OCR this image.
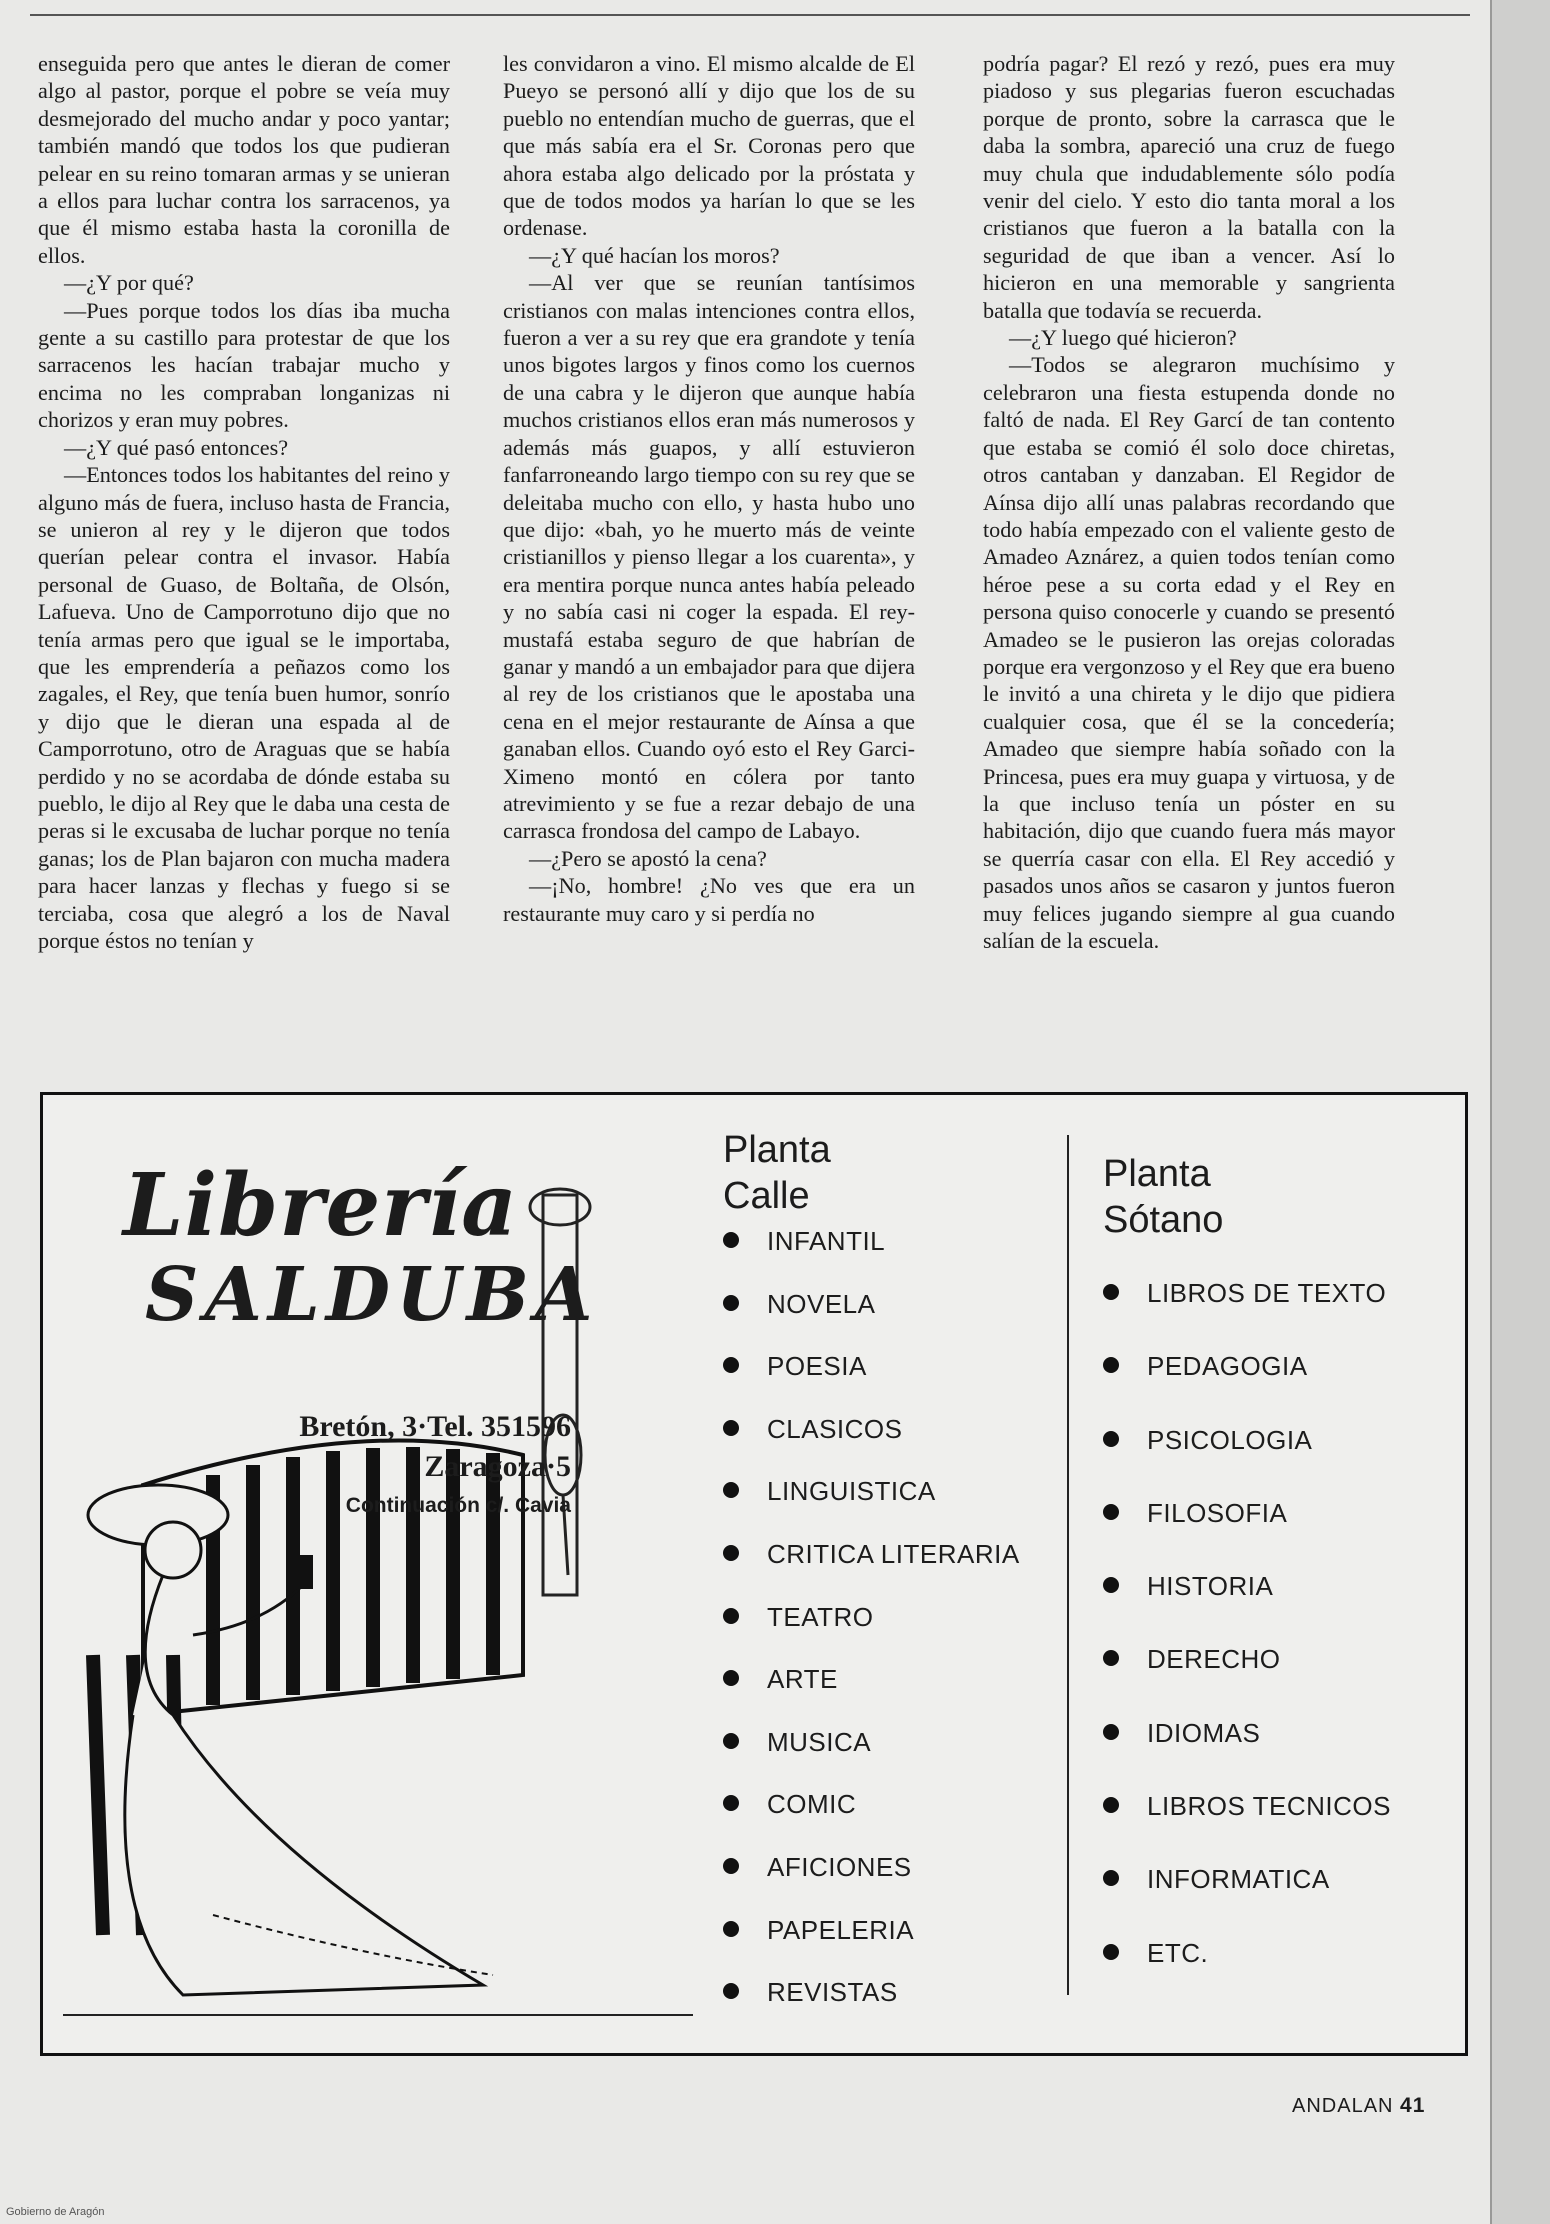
enseguida pero que antes le dieran de comer algo al pastor, porque el pobre se veía muy desmejorado del mucho andar y poco yantar; también mandó que todos los que pudieran pelear en su reino tomaran armas y se unieran a ellos para luchar contra los sarracenos, ya que él mismo estaba hasta la coronilla de ellos.

—¿Y por qué?

—Pues porque todos los días iba mucha gente a su castillo para protestar de que los sarracenos les hacían trabajar mucho y encima no les compraban longanizas ni chorizos y eran muy pobres.

—¿Y qué pasó entonces?

—Entonces todos los habitantes del reino y alguno más de fuera, incluso hasta de Francia, se unieron al rey y le dijeron que todos querían pelear contra el invasor. Había personal de Guaso, de Boltaña, de Olsón, Lafueva. Uno de Camporrotuno dijo que no tenía armas pero que igual se le importaba, que les emprendería a peñazos como los zagales, el Rey, que tenía buen humor, sonrío y dijo que le dieran una espada al de Camporrotuno, otro de Araguas que se había perdido y no se acordaba de dónde estaba su pueblo, le dijo al Rey que le daba una cesta de peras si le excusaba de luchar porque no tenía ganas; los de Plan bajaron con mucha madera para hacer lanzas y flechas y fuego si se terciaba, cosa que alegró a los de Naval porque éstos no tenían y

les convidaron a vino. El mismo alcalde de El Pueyo se personó allí y dijo que los de su pueblo no entendían mucho de guerras, que el que más sabía era el Sr. Coronas pero que ahora estaba algo delicado por la próstata y que de todos modos ya harían lo que se les ordenase.

—¿Y qué hacían los moros?

—Al ver que se reunían tantísimos cristianos con malas intenciones contra ellos, fueron a ver a su rey que era grandote y tenía unos bigotes largos y finos como los cuernos de una cabra y le dijeron que aunque había muchos cristianos ellos eran más numerosos y además más guapos, y allí estuvieron fanfarroneando largo tiempo con su rey que se deleitaba mucho con ello, y hasta hubo uno que dijo: «bah, yo he muerto más de veinte cristianillos y pienso llegar a los cuarenta», y era mentira porque nunca antes había peleado y no sabía casi ni coger la espada. El rey-mustafá estaba seguro de que habrían de ganar y mandó a un embajador para que dijera al rey de los cristianos que le apostaba una cena en el mejor restaurante de Aínsa a que ganaban ellos. Cuando oyó esto el Rey Garci-Ximeno montó en cólera por tanto atrevimiento y se fue a rezar debajo de una carrasca frondosa del campo de Labayo.

—¿Pero se apostó la cena?

—¡No, hombre! ¿No ves que era un restaurante muy caro y si perdía no

podría pagar? El rezó y rezó, pues era muy piadoso y sus plegarias fueron escuchadas porque de pronto, sobre la carrasca que le daba la sombra, apareció una cruz de fuego muy chula que indudablemente sólo podía venir del cielo. Y esto dio tanta moral a los cristianos que fueron a la batalla con la seguridad de que iban a vencer. Así lo hicieron en una memorable y sangrienta batalla que todavía se recuerda.

—¿Y luego qué hicieron?

—Todos se alegraron muchísimo y celebraron una fiesta estupenda donde no faltó de nada. El Rey Garcí de tan contento que estaba se comió él solo doce chiretas, otros cantaban y danzaban. El Regidor de Aínsa dijo allí unas palabras recordando que todo había empezado con el valiente gesto de Amadeo Aznárez, a quien todos tenían como héroe pese a su corta edad y el Rey en persona quiso conocerle y cuando se presentó Amadeo se le pusieron las orejas coloradas porque era vergonzoso y el Rey que era bueno le invitó a una chireta y le dijo que pidiera cualquier cosa, que él se la concedería; Amadeo que siempre había soñado con la Princesa, pues era muy guapa y virtuosa, y de la que incluso tenía un póster en su habitación, dijo que cuando fuera más mayor se querría casar con ella. El Rey accedió y pasados unos años se casaron y juntos fueron muy felices jugando siempre al gua cuando salían de la escuela.

Librería
SALDUBA
Bretón, 3·Tel. 351596
Zaragoza·5
Continuación c/. Cavia
Planta
Calle
INFANTIL
NOVELA
POESIA
CLASICOS
LINGUISTICA
CRITICA LITERARIA
TEATRO
ARTE
MUSICA
COMIC
AFICIONES
PAPELERIA
REVISTAS
Planta
Sótano
LIBROS DE TEXTO
PEDAGOGIA
PSICOLOGIA
FILOSOFIA
HISTORIA
DERECHO
IDIOMAS
LIBROS TECNICOS
INFORMATICA
ETC.
ANDALAN 41
Gobierno de Aragón
